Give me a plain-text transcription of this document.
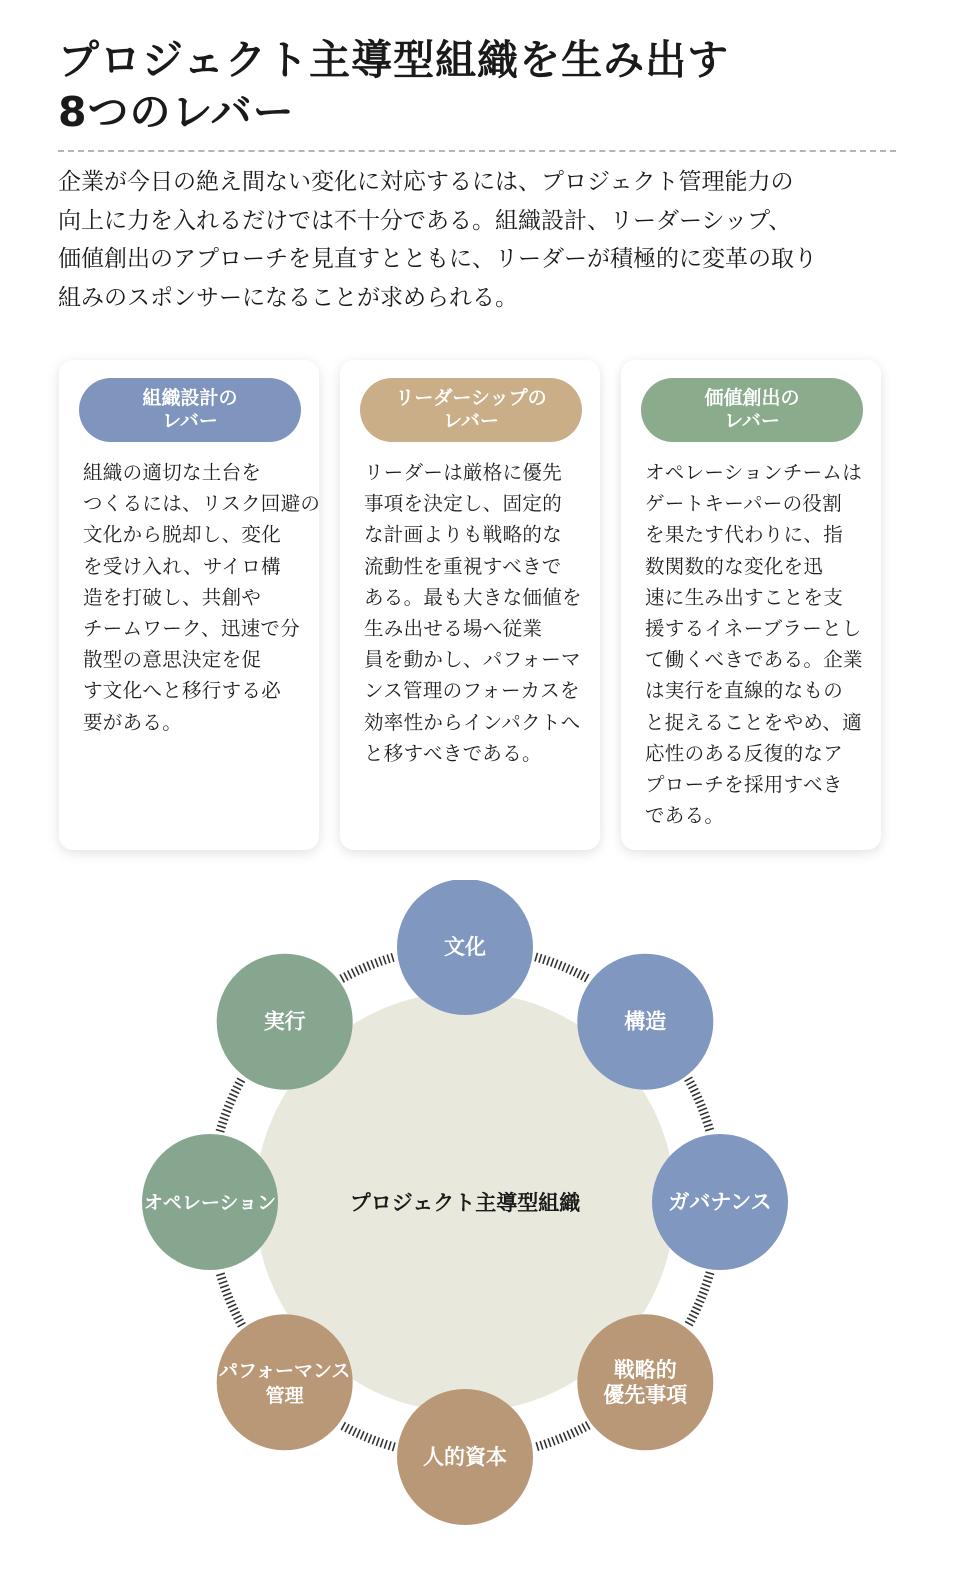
プロジェクト主導型組織を生み出す
8つのレバー

企業が今日の絶え間ない変化に対応するには、プロジェクト管理能力の
向上に力を入れるだけでは不十分である。組織設計、リーダーシップ、
価値創出のアプローチを見直すとともに、リーダーが積極的に変革の取り
組みのスポンサーになることが求められる。

組織設計の
レバー

組織の適切な土台を
つくるには、リスク回避の
文化から脱却し、変化
を受け入れ、サイロ構
造を打破し、共創や
チームワーク、迅速で分
散型の意思決定を促
す文化へと移行する必
要がある。

リーダーシップの
レバー

リーダーは厳格に優先
事項を決定し、固定的
な計画よりも戦略的な
流動性を重視すべきで
ある。最も大きな価値を
生み出せる場へ従業
員を動かし、パフォーマ
ンス管理のフォーカスを
効率性からインパクトへ
と移すべきである。

価値創出の
レバー

オペレーションチームは
ゲートキーパーの役割
を果たす代わりに、指
数関数的な変化を迅
速に生み出すことを支
援するイネーブラーとし
て働くべきである。企業
は実行を直線的なもの
と捉えることをやめ、適
応性のある反復的なア
プローチを採用すべき
である。

プロジェクト主導型組織
文化
構造
ガバナンス
戦略的
優先事項
人的資本
パフォーマンス
管理
オペレーション
実行
